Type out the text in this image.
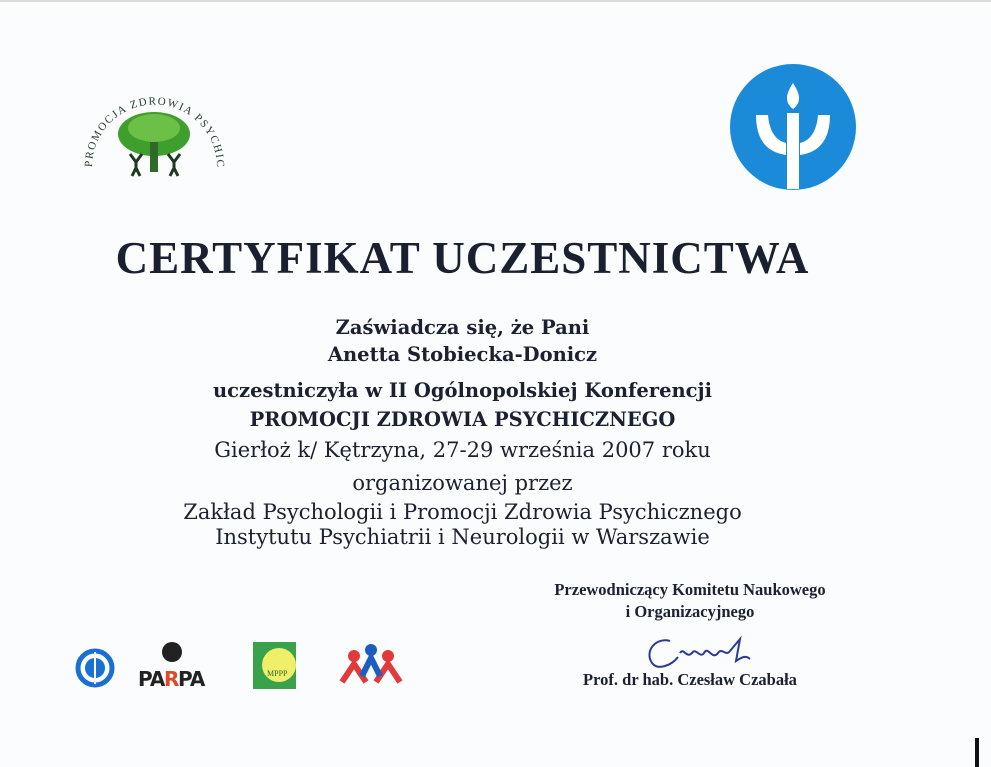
PROMOCJA ZDROWIA PSYCHIC
CERTYFIKAT UCZESTNICTWA
Zaświadcza się, że Pani
Anetta Stobiecka-Donicz
uczestniczyła w II Ogólnopolskiej Konferencji
PROMOCJI ZDROWIA PSYCHICZNEGO
Gierłoż k/ Kętrzyna, 27-29 września 2007 roku
organizowanej przez
Zakład Psychologii i Promocji Zdrowia Psychicznego
Instytutu Psychiatrii i Neurologii w Warszawie
Przewodniczący Komitetu Naukowego
i Organizacyjnego
Prof. dr hab. Czesław Czabała
PA R
PA	MPPP
